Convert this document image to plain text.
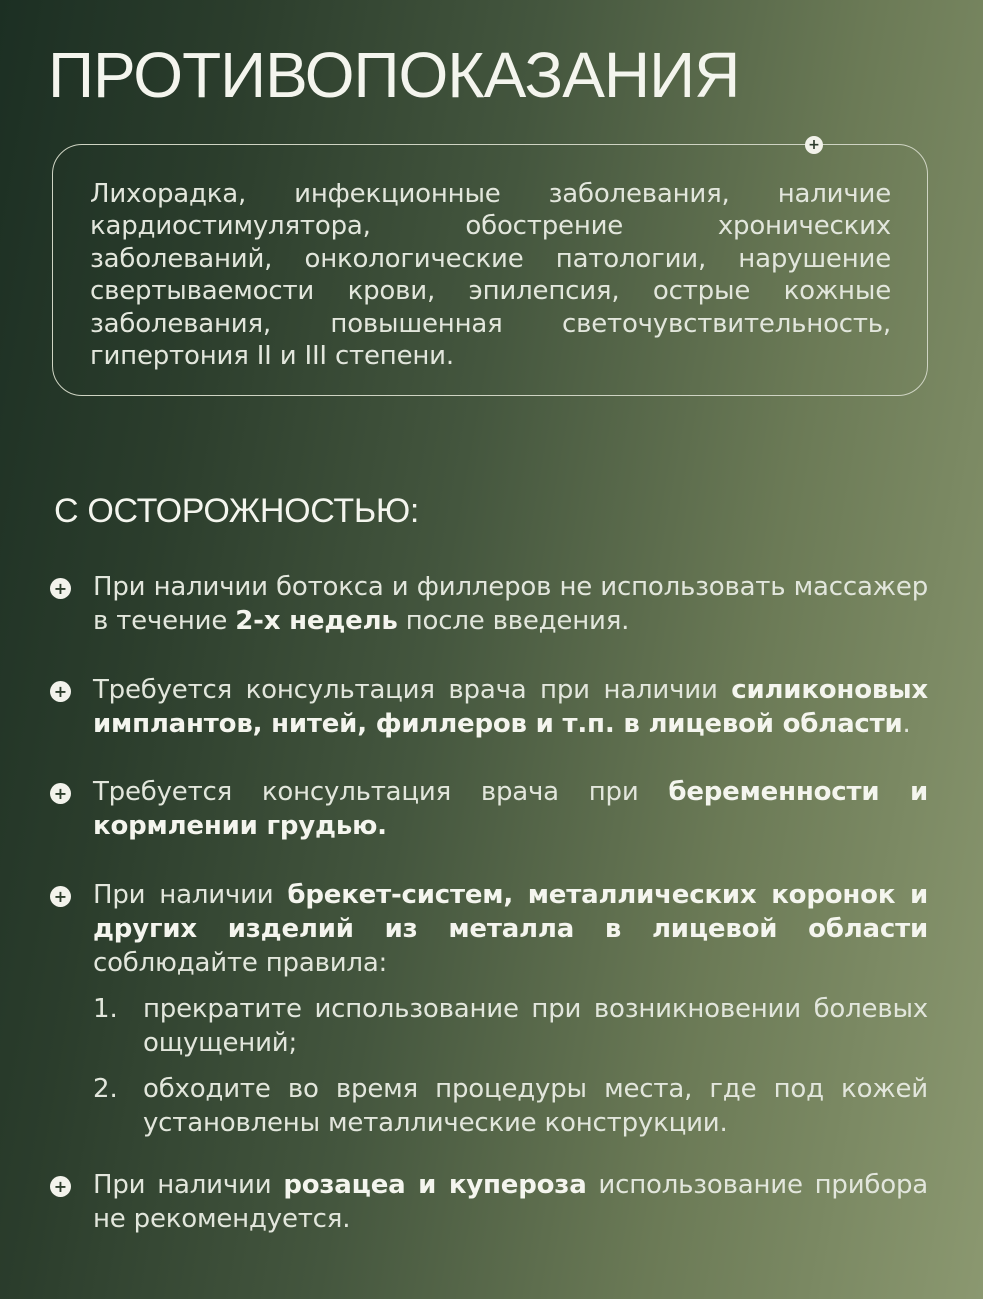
ПРОТИВОПОКАЗАНИЯ
+

Лихорадка, инфекционные заболевания, наличие кардиостимулятора, обострение хронических заболеваний, онкологические патологии, нарушение свертываемости крови, эпилепсия, острые кожные заболевания, повышенная светочувствительность, гипертония II и III степени.

С ОСТОРОЖНОСТЬЮ:
+ При наличии ботокса и филлеров не использовать массажер в течение 2-х недель после введения.
+ Требуется консультация врача при наличии силиконовых имплантов, нитей, филлеров и т.п. в лицевой области.
+ Требуется консультация врача при беременности и кормлении грудью.
+ При наличии брекет-систем, металлических коронок и других изделий из металла в лицевой области соблюдайте правила:
1. прекратите использование при возникновении болевых ощущений;
2. обходите во время процедуры места, где под кожей установлены металлические конструкции.
+ При наличии розацеа и купероза использование прибора не рекомендуется.
